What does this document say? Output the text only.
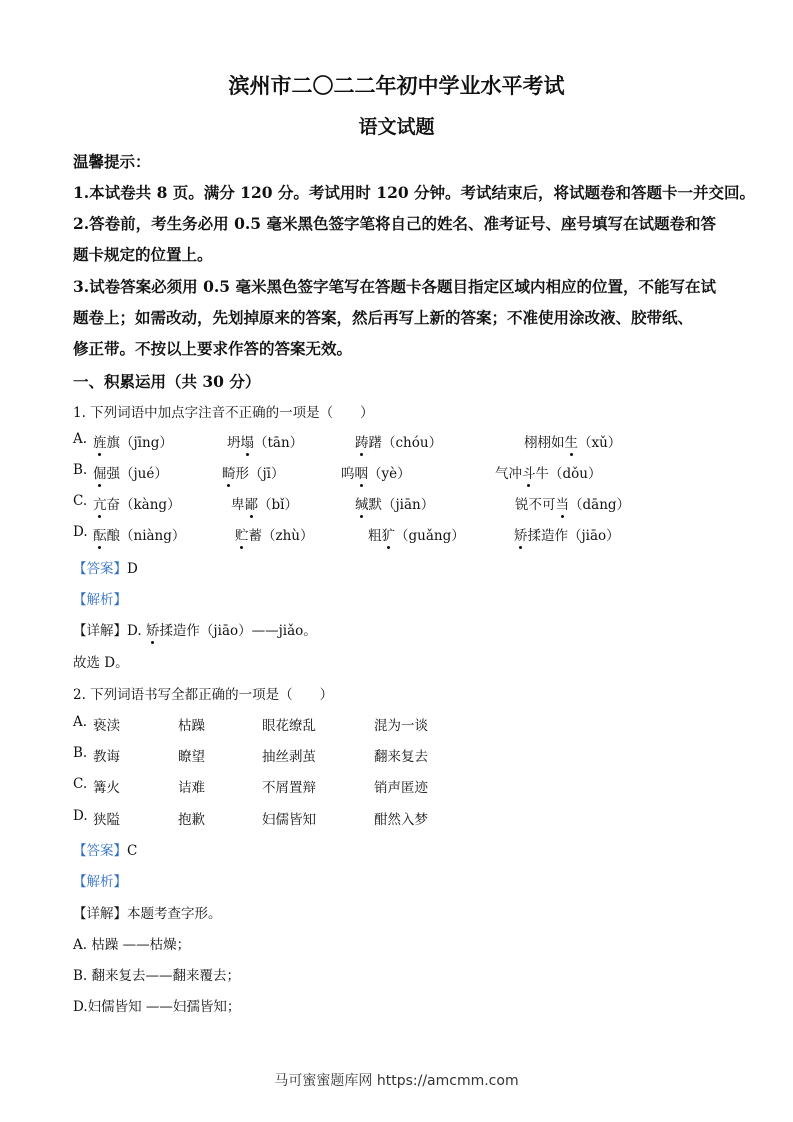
滨州市二〇二二年初中学业水平考试
语文试题
温馨提示：
1.本试卷共 8 页。满分 120 分。考试用时 120 分钟。考试结束后，将试题卷和答题卡一并交回。
2.答卷前，考生务必用 0.5 毫米黑色签字笔将自己的姓名、准考证号、座号填写在试题卷和答
题卡规定的位置上。
3.试卷答案必须用 0.5 毫米黑色签字笔写在答题卡各题目指定区域内相应的位置，不能写在试
题卷上；如需改动，先划掉原来的答案，然后再写上新的答案；不准使用涂改液、胶带纸、
修正带。不按以上要求作答的答案无效。
一、积累运用（共 30 分）
1. 下列词语中加点字注音不正确的一项是（　　）
A. 旌旗（jīng）	坍塌（tān）	踌躇（chóu）	栩栩如生（xǔ）
B. 倔强（jué）	畸形（jī）	呜咽（yè）	气冲斗牛（dǒu）
C. 亢奋（kàng）	卑鄙（bǐ）	缄默（jiān）	锐不可当（dāng）
D. 酝酿（niàng）	贮蓄（zhù）	粗犷（guǎng）	矫揉造作（jiāo）
【答案】D
【解析】
【详解】D. 矫揉造作（jiāo）——jiǎo。
故选 D。
2. 下列词语书写全都正确的一项是（　　）
A. 亵渎	枯躁	眼花缭乱	混为一谈
B. 教诲	瞭望	抽丝剥茧	翻来复去
C. 篝火	诘难	不屑置辩	销声匿迹
D. 狭隘	抱歉	妇儒皆知	酣然入梦
【答案】C
【解析】
【详解】本题考查字形。
A. 枯躁 ——枯燥；
B. 翻来复去——翻来覆去；
D.妇儒皆知 ——妇孺皆知；
马可蜜蜜题库网 https://amcmm.com
